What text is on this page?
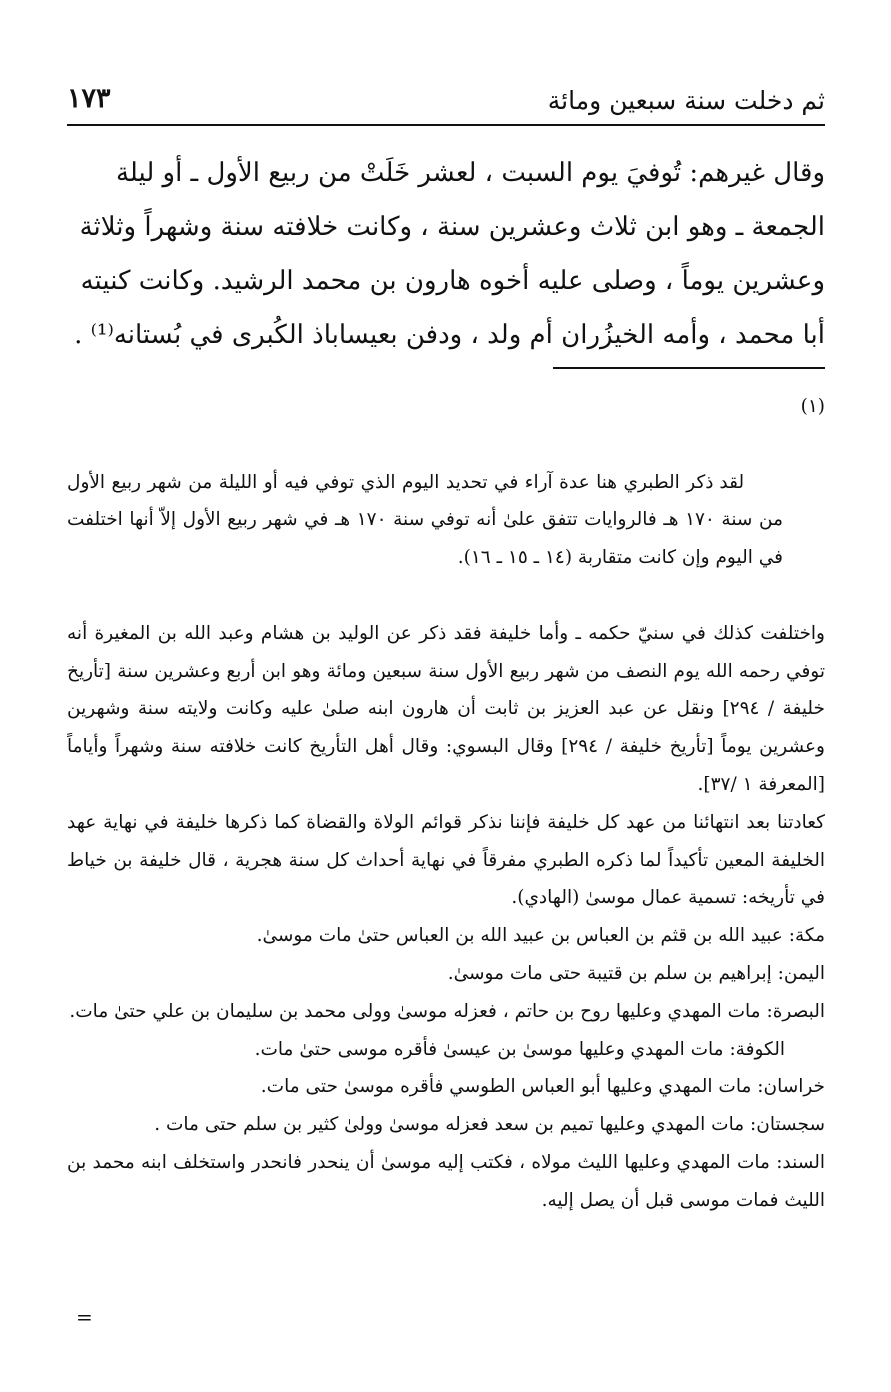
ثم دخلت سنة سبعين ومائة
١٧٣

وقال غيرهم: تُوفيَ يوم السبت ، لعشر خَلَتْ من ربيع الأول ـ أو ليلة

الجمعة ـ وهو ابن ثلاث وعشرين سنة ، وكانت خلافته سنة وشهراً وثلاثة

وعشرين يوماً ، وصلى عليه أخوه هارون بن محمد الرشيد. وكانت كنيته

أبا محمد ، وأمه الخيزُران أم ولد ، ودفن بعيساباذ الكُبرى في بُستانه⁽¹⁾ .

(١)

لقد ذكر الطبري هنا عدة آراء في تحديد اليوم الذي توفي فيه أو الليلة من شهر ربيع الأول من سنة ١٧٠ هـ فالروايات تتفق علىٰ أنه توفي سنة ١٧٠ هـ في شهر ربيع الأول إلاّ أنها اختلفت في اليوم وإن كانت متقاربة (١٤ ـ ١٥ ـ ١٦).

واختلفت كذلك في سنيّ حكمه ـ وأما خليفة فقد ذكر عن الوليد بن هشام وعبد الله بن المغيرة أنه توفي رحمه الله يوم النصف من شهر ربيع الأول سنة سبعين ومائة وهو ابن أربع وعشرين سنة [تأريخ خليفة / ٢٩٤] ونقل عن عبد العزيز بن ثابت أن هارون ابنه صلىٰ عليه وكانت ولايته سنة وشهرين وعشرين يوماً [تأريخ خليفة / ٢٩٤] وقال البسوي: وقال أهل التأريخ كانت خلافته سنة وشهراً وأياماً [المعرفة ١ /٣٧].

كعادتنا بعد انتهائنا من عهد كل خليفة فإننا نذكر قوائم الولاة والقضاة كما ذكرها خليفة في نهاية عهد الخليفة المعين تأكيداً لما ذكره الطبري مفرقاً في نهاية أحداث كل سنة هجرية ، قال خليفة بن خياط في تأريخه: تسمية عمال موسىٰ (الهادي).

مكة: عبيد الله بن قثم بن العباس بن عبيد الله بن العباس حتىٰ مات موسىٰ.

اليمن: إبراهيم بن سلم بن قتيبة حتى مات موسىٰ.

البصرة: مات المهدي وعليها روح بن حاتم ، فعزله موسىٰ وولى محمد بن سليمان بن علي حتىٰ مات.

الكوفة: مات المهدي وعليها موسىٰ بن عيسىٰ فأقره موسى حتىٰ مات.

خراسان: مات المهدي وعليها أبو العباس الطوسي فأقره موسىٰ حتى مات.

سجستان: مات المهدي وعليها تميم بن سعد فعزله موسىٰ وولىٰ كثير بن سلم حتى مات .

السند: مات المهدي وعليها الليث مولاه ، فكتب إليه موسىٰ أن ينحدر فانحدر واستخلف ابنه محمد بن الليث فمات موسى قبل أن يصل إليه.

=
